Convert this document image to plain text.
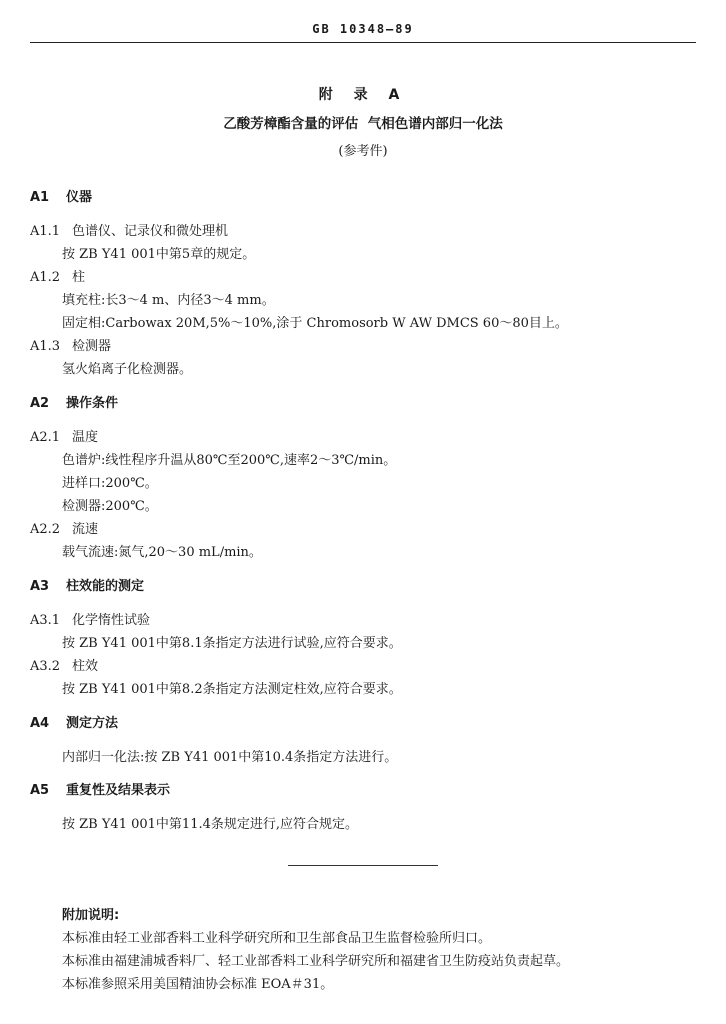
GB 10348—89
附 录 A
乙酸芳樟酯含量的评估  气相色谱内部归一化法
(参考件)
A1 仪器
A1.1 色谱仪、记录仪和微处理机
按 ZB Y41 001中第5章的规定。
A1.2 柱
填充柱:长3～4 m、内径3～4 mm。
固定相:Carbowax 20M,5%～10%,涂于 Chromosorb W AW DMCS 60～80目上。
A1.3 检测器
氢火焰离子化检测器。
A2 操作条件
A2.1 温度
色谱炉:线性程序升温从80℃至200℃,速率2～3℃/min。
进样口:200℃。
检测器:200℃。
A2.2 流速
载气流速:氮气,20～30 mL/min。
A3 柱效能的测定
A3.1 化学惰性试验
按 ZB Y41 001中第8.1条指定方法进行试验,应符合要求。
A3.2 柱效
按 ZB Y41 001中第8.2条指定方法测定柱效,应符合要求。
A4 测定方法
内部归一化法:按 ZB Y41 001中第10.4条指定方法进行。
A5 重复性及结果表示
按 ZB Y41 001中第11.4条规定进行,应符合规定。
附加说明:
本标准由轻工业部香料工业科学研究所和卫生部食品卫生监督检验所归口。
本标准由福建浦城香料厂、轻工业部香料工业科学研究所和福建省卫生防疫站负责起草。
本标准参照采用美国精油协会标准 EOA＃31。
